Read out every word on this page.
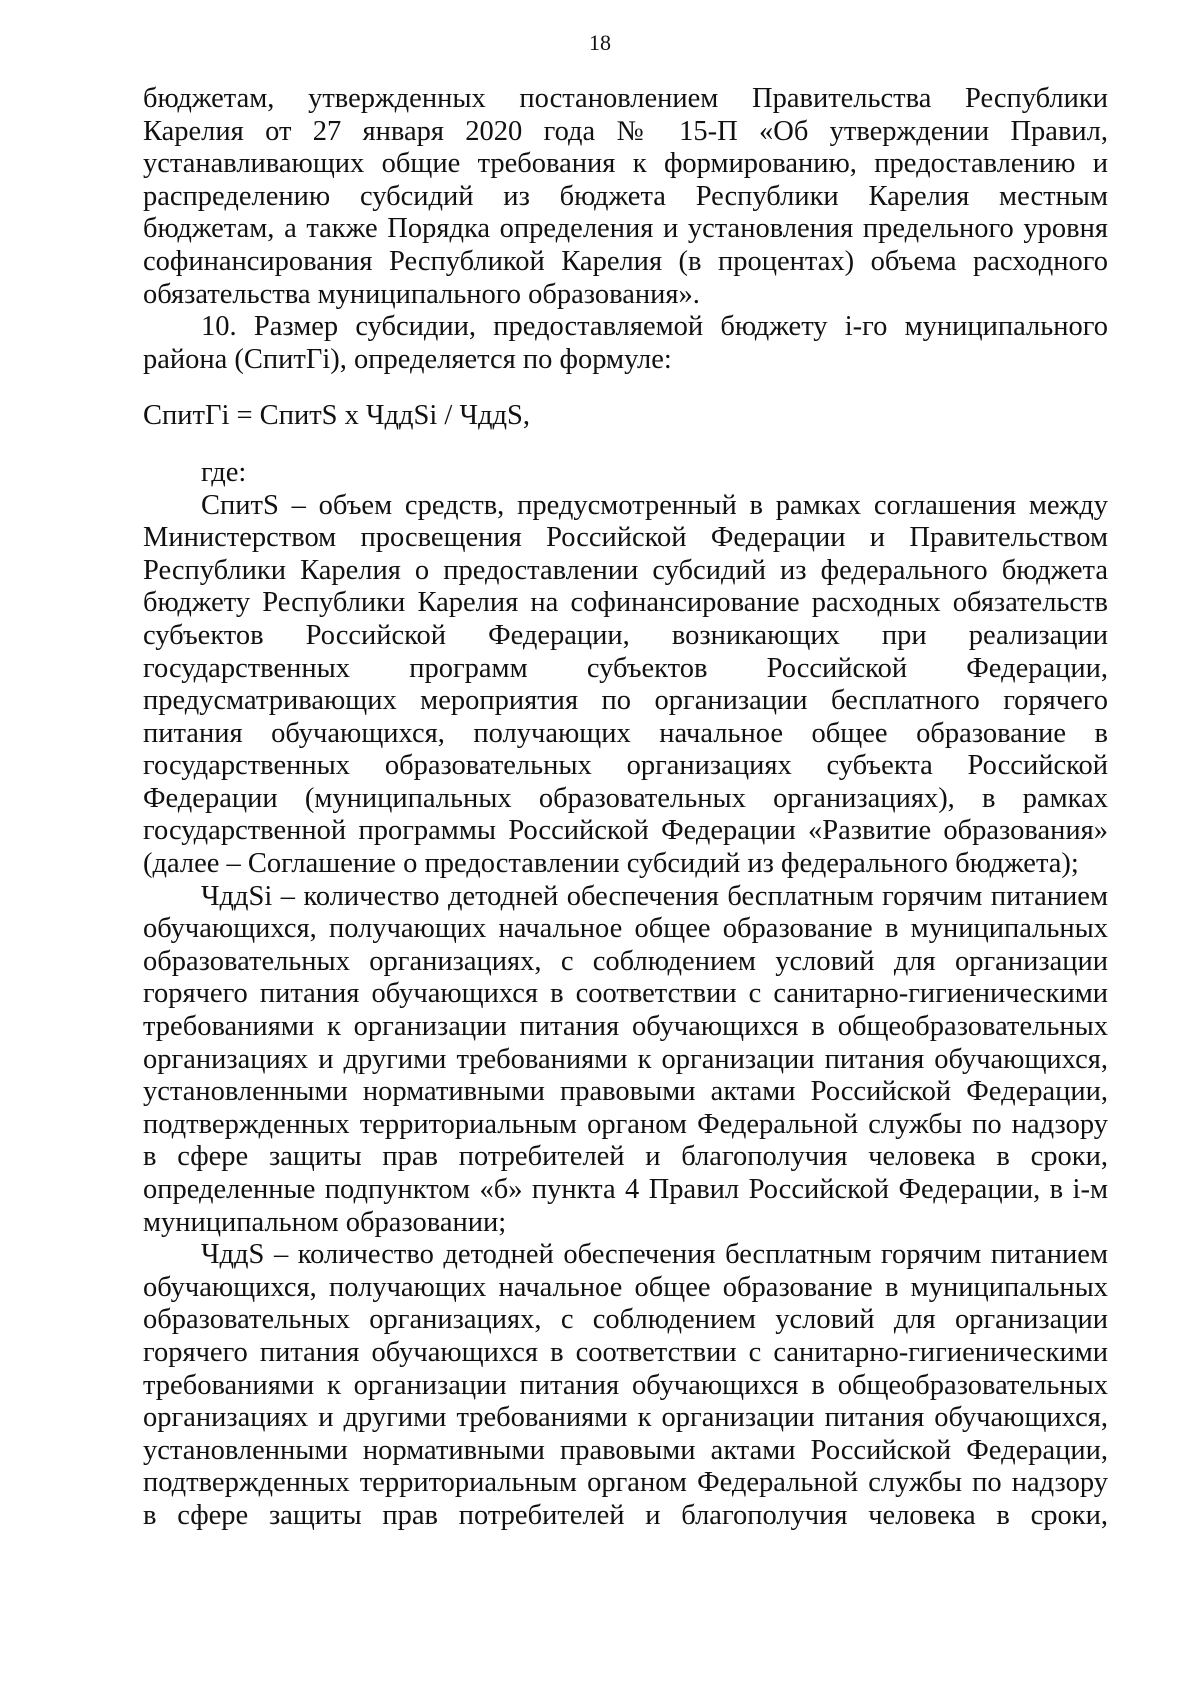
18

бюджетам, утвержденных постановлением Правительства Республики Карелия от 27 января 2020 года № 15-П «Об утверждении Правил, устанавливающих общие требования к формированию, предоставлению и распределению субсидий из бюджета Республики Карелия местным бюджетам, а также Порядка определения и установления предельного уровня софинансирования Республикой Карелия (в процентах) объема расходного обязательства муниципального образования».

10. Размер субсидии, предоставляемой бюджету i-го муниципального района (СпитГi), определяется по формуле:

СпитГi = СпитS х ЧддSi / ЧддS,

где:

СпитS – объем средств, предусмотренный в рамках соглашения между Министерством просвещения Российской Федерации и Правительством Республики Карелия о предоставлении субсидий из федерального бюджета бюджету Республики Карелия на софинансирование расходных обязательств субъектов Российской Федерации, возникающих при реализации государственных программ субъектов Российской Федерации, предусматривающих мероприятия по организации бесплатного горячего питания обучающихся, получающих начальное общее образование в государственных образовательных организациях субъекта Российской Федерации (муниципальных образовательных организациях), в рамках государственной программы Российской Федерации «Развитие образования» (далее – Соглашение о предоставлении субсидий из федерального бюджета);

ЧддSi – количество детодней обеспечения бесплатным горячим питанием обучающихся, получающих начальное общее образование в муниципальных образовательных организациях, с соблюдением условий для организации горячего питания обучающихся в соответствии с санитарно-гигиеническими требованиями к организации питания обучающихся в общеобразовательных организациях и другими требованиями к организации питания обучающихся, установленными нормативными правовыми актами Российской Федерации, подтвержденных территориальным органом Федеральной службы по надзору в сфере защиты прав потребителей и благополучия человека в сроки, определенные подпунктом «б» пункта 4 Правил Российской Федерации, в i-м муниципальном образовании;

ЧддS – количество детодней обеспечения бесплатным горячим питанием обучающихся, получающих начальное общее образование в муниципальных образовательных организациях, с соблюдением условий для организации горячего питания обучающихся в соответствии с санитарно-гигиеническими требованиями к организации питания обучающихся в общеобразовательных организациях и другими требованиями к организации питания обучающихся, установленными нормативными правовыми актами Российской Федерации, подтвержденных территориальным органом Федеральной службы по надзору в сфере защиты прав потребителей и благополучия человека в сроки,
